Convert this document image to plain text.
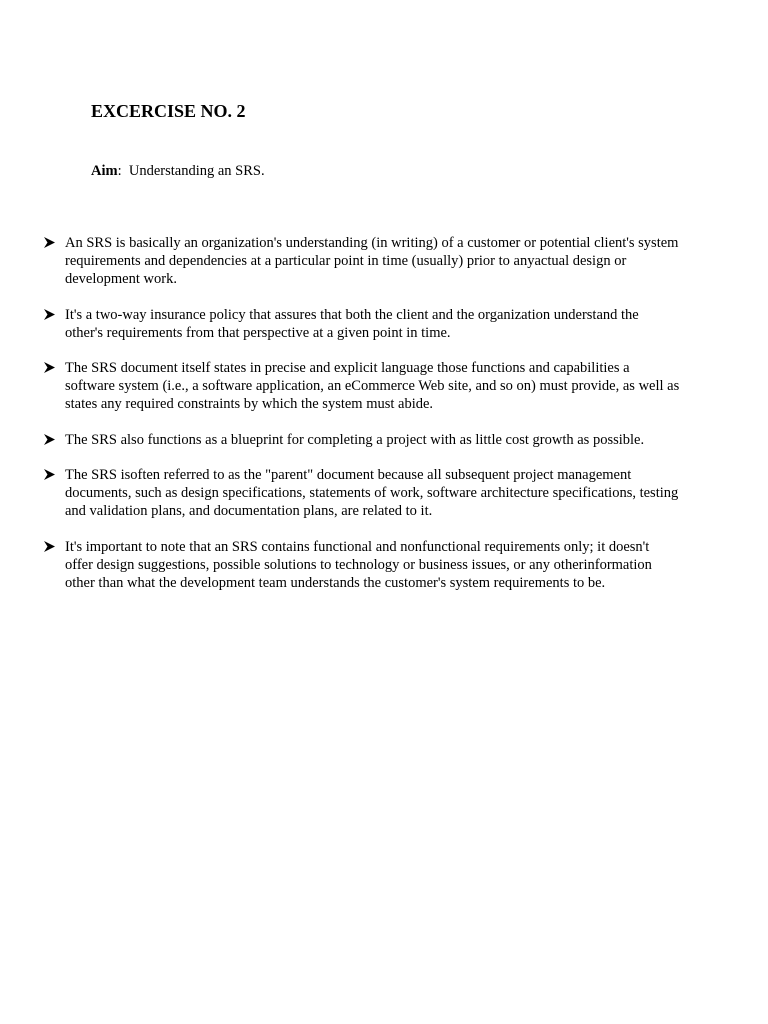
EXCERCISE NO. 2

Aim: Understanding an SRS.

An SRS is basically an organization's understanding (in writing) of a customer or potential client's system requirements and dependencies at a particular point in time (usually) prior to anyactual design or development work.
It's a two-way insurance policy that assures that both the client and the organization understand the other's requirements from that perspective at a given point in time.
The SRS document itself states in precise and explicit language those functions and capabilities a software system (i.e., a software application, an eCommerce Web site, and so on) must provide, as well as states any required constraints by which the system must abide.
The SRS also functions as a blueprint for completing a project with as little cost growth as possible.
The SRS isoften referred to as the "parent" document because all subsequent project management documents, such as design specifications, statements of work, software architecture specifications, testing and validation plans, and documentation plans, are related to it.
It's important to note that an SRS contains functional and nonfunctional requirements only; it doesn't offer design suggestions, possible solutions to technology or business issues, or any otherinformation other than what the development team understands the customer's system requirements to be.
